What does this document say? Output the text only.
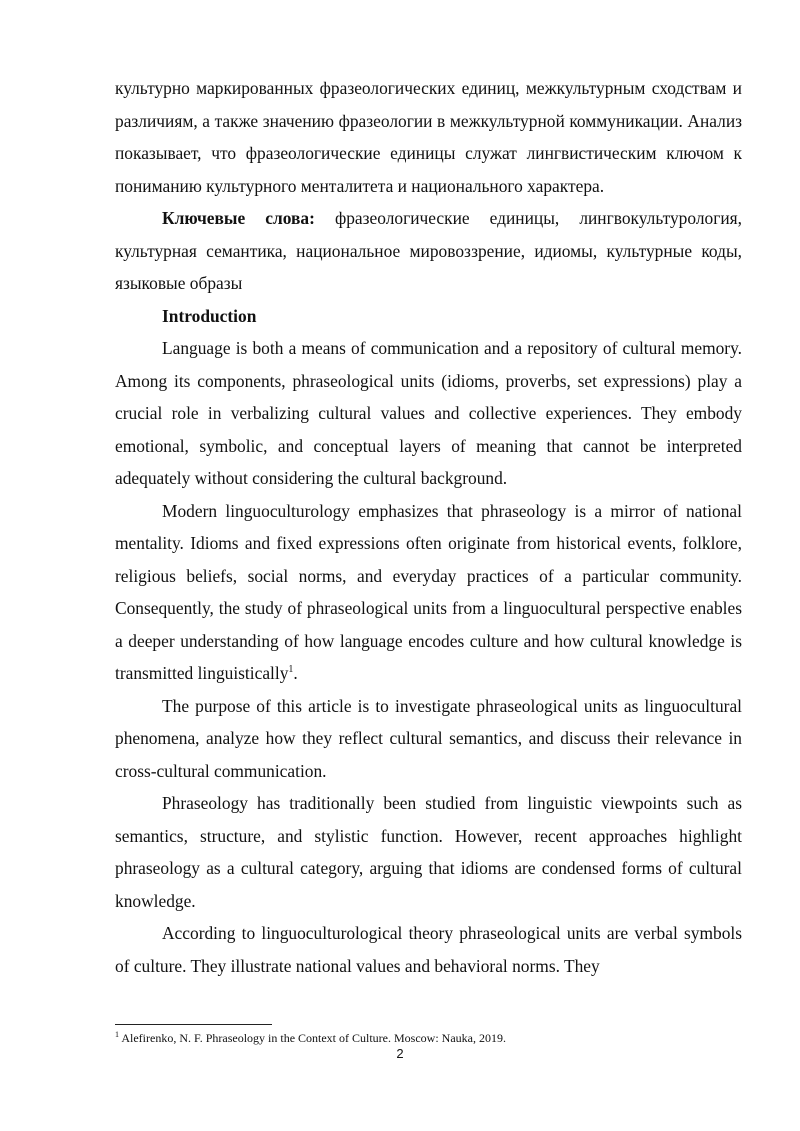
культурно маркированных фразеологических единиц, межкультурным сходствам и различиям, а также значению фразеологии в межкультурной коммуникации. Анализ показывает, что фразеологические единицы служат лингвистическим ключом к пониманию культурного менталитета и национального характера.

Ключевые слова: фразеологические единицы, лингвокультурология, культурная семантика, национальное мировоззрение, идиомы, культурные коды, языковые образы

Introduction

Language is both a means of communication and a repository of cultural memory. Among its components, phraseological units (idioms, proverbs, set expressions) play a crucial role in verbalizing cultural values and collective experiences. They embody emotional, symbolic, and conceptual layers of meaning that cannot be interpreted adequately without considering the cultural background.

Modern linguoculturology emphasizes that phraseology is a mirror of national mentality. Idioms and fixed expressions often originate from historical events, folklore, religious beliefs, social norms, and everyday practices of a particular community. Consequently, the study of phraseological units from a linguocultural perspective enables a deeper understanding of how language encodes culture and how cultural knowledge is transmitted linguistically$^1$.

The purpose of this article is to investigate phraseological units as linguocultural phenomena, analyze how they reflect cultural semantics, and discuss their relevance in cross-cultural communication.

Phraseology has traditionally been studied from linguistic viewpoints such as semantics, structure, and stylistic function. However, recent approaches highlight phraseology as a cultural category, arguing that idioms are condensed forms of cultural knowledge.

According to linguoculturological theory phraseological units are verbal symbols of culture. They illustrate national values and behavioral norms. They

$^1$ Alefirenko, N. F. Phraseology in the Context of Culture. Moscow: Nauka, 2019.
2
